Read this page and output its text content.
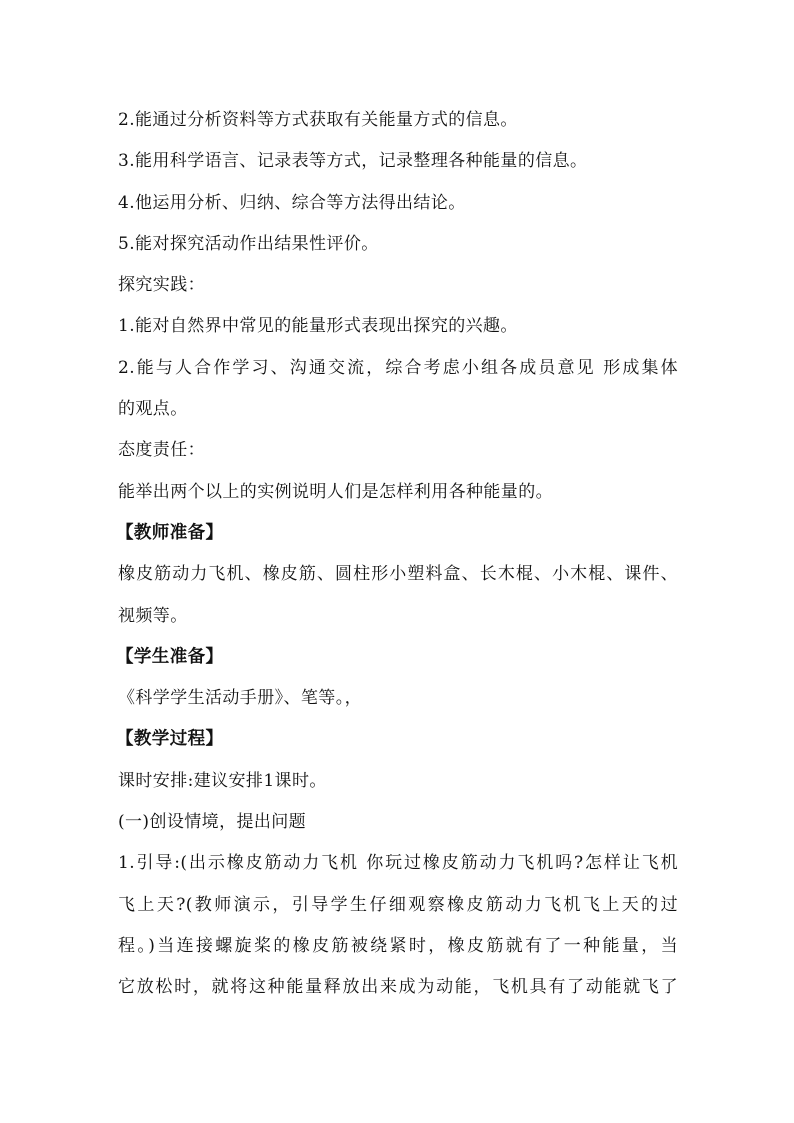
2.能通过分析资料等方式获取有关能量方式的信息。
3.能用科学语言、记录表等方式，记录整理各种能量的信息。
4.他运用分析、归纳、综合等方法得出结论。
5.能对探究活动作出结果性评价。
探究实践：
1.能对自然界中常见的能量形式表现出探究的兴趣。
2.能与人合作学习、沟通交流，综合考虑小组各成员意见 形成集体
的观点。
态度责任：
能举出两个以上的实例说明人们是怎样利用各种能量的。
【教师准备】
橡皮筋动力飞机、橡皮筋、圆柱形小塑料盒、长木棍、小木棍、课件、
视频等。
【学生准备】
《科学学生活动手册》、笔等。，
【教学过程】
课时安排:建议安排1课时。
(一)创设情境，提出问题
1.引导:(出示橡皮筋动力飞机 你玩过橡皮筋动力飞机吗?怎样让飞机
飞上天?(教师演示，引导学生仔细观察橡皮筋动力飞机飞上天的过
程。)当连接螺旋桨的橡皮筋被绕紧时，橡皮筋就有了一种能量，当
它放松时，就将这种能量释放出来成为动能，飞机具有了动能就飞了
